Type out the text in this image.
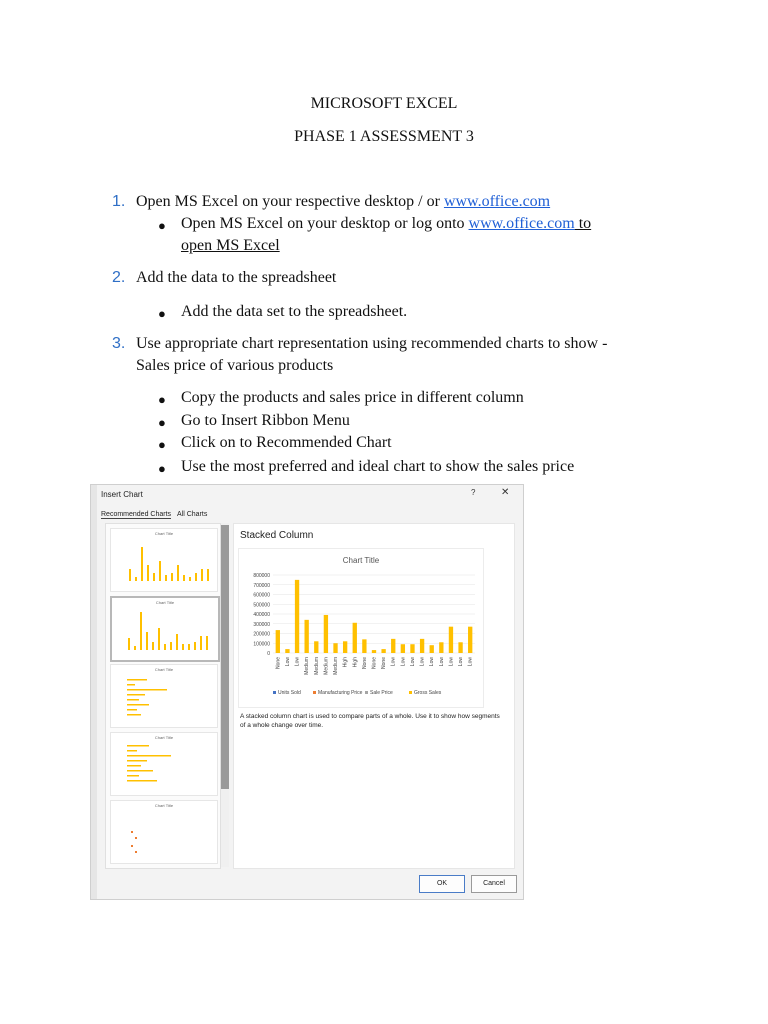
MICROSOFT EXCEL
PHASE 1 ASSESSMENT 3
1. Open MS Excel on your respective desktop / or www.office.com
● Open MS Excel on your desktop or log onto www.office.com to
open MS Excel
2. Add the data to the spreadsheet
● Add the data set to the spreadsheet.
3. Use appropriate chart representation using recommended charts to show -
Sales price of various products
● Copy the products and sales price in different column
● Go to Insert Ribbon Menu
● Click on to Recommended Chart
● Use the most preferred and ideal chart to show the sales price
Insert Chart	?	✕
Recommended Charts All Charts
Chart Title
Chart Title
Chart Title
Chart Title
Chart Title
Stacked Column
Chart Title
800000
700000
600000
500000
400000
300000
200000
100000
0
None Low Low Medium Medium Medium Medium High High None None None Low Low Low Low Low Low Low Low Low
Units Sold	Manufacturing Price Sale Price	Gross Sales
A stacked column chart is used to compare parts of a whole. Use it to show how segments of a whole change over time.
OK	Cancel
